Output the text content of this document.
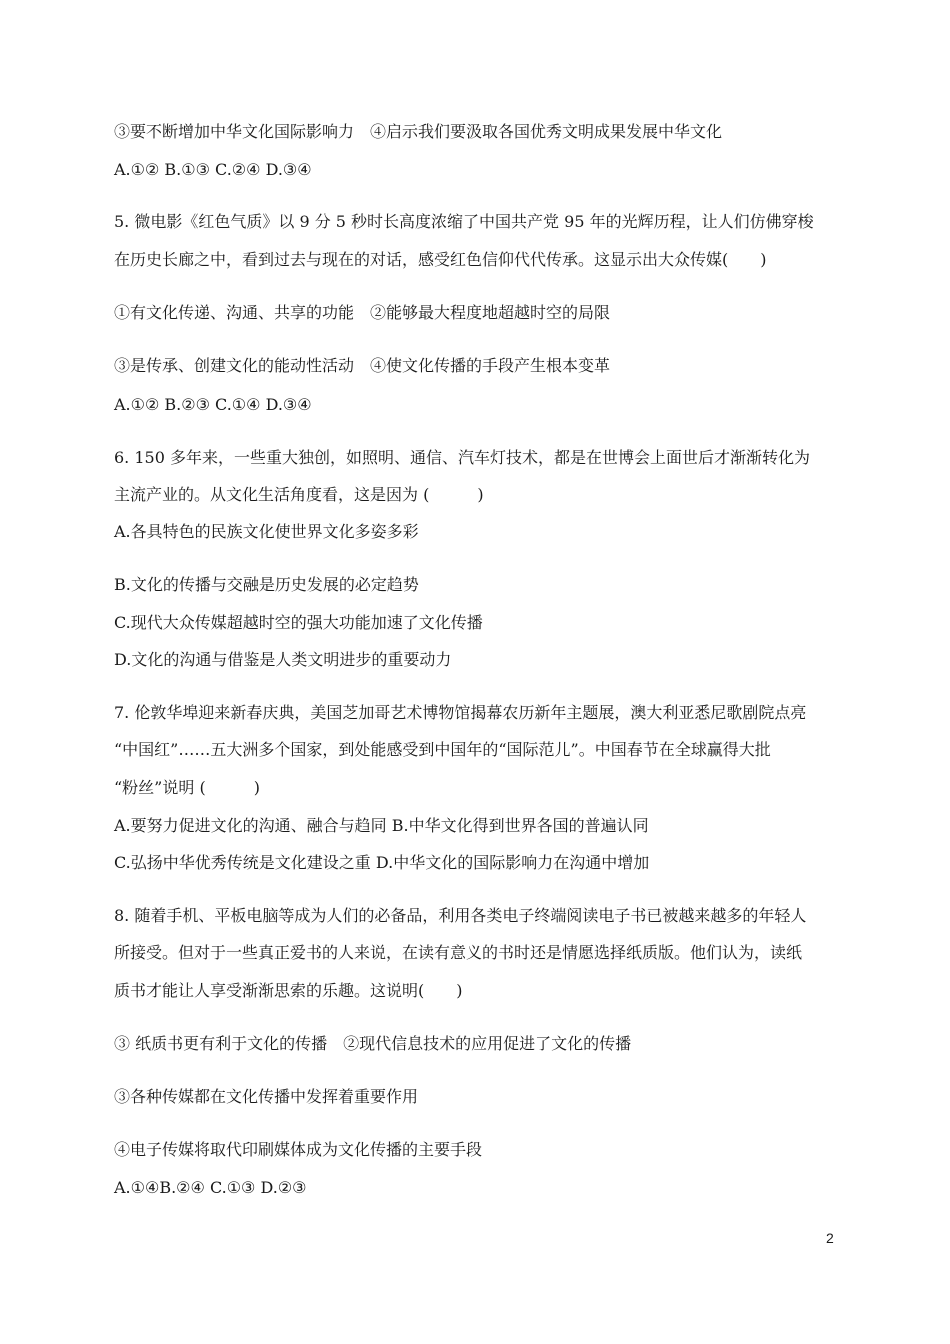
③要不断增加中华文化国际影响力　④启示我们要汲取各国优秀文明成果发展中华文化
A.①② B.①③ C.②④ D.③④
5. 微电影《红色气质》以 9 分 5 秒时长高度浓缩了中国共产党 95 年的光辉历程，让人们仿佛穿梭
在历史长廊之中，看到过去与现在的对话，感受红色信仰代代传承。这显示出大众传媒(　　)
①有文化传递、沟通、共享的功能　②能够最大程度地超越时空的局限
③是传承、创建文化的能动性活动　④使文化传播的手段产生根本变革
A.①② B.②③ C.①④ D.③④
6. 150 多年来，一些重大独创，如照明、通信、汽车灯技术，都是在世博会上面世后才渐渐转化为
主流产业的。从文化生活角度看，这是因为 (　　　)
A.各具特色的民族文化使世界文化多姿多彩
B.文化的传播与交融是历史发展的必定趋势
C.现代大众传媒超越时空的强大功能加速了文化传播
D.文化的沟通与借鉴是人类文明进步的重要动力
7. 伦敦华埠迎来新春庆典，美国芝加哥艺术博物馆揭幕农历新年主题展，澳大利亚悉尼歌剧院点亮
“中国红”……五大洲多个国家，到处能感受到中国年的“国际范儿”。中国春节在全球赢得大批
“粉丝”说明 (　　　)
A.要努力促进文化的沟通、融合与趋同 B.中华文化得到世界各国的普遍认同
C.弘扬中华优秀传统是文化建设之重 D.中华文化的国际影响力在沟通中增加
8. 随着手机、平板电脑等成为人们的必备品，利用各类电子终端阅读电子书已被越来越多的年轻人
所接受。但对于一些真正爱书的人来说，在读有意义的书时还是情愿选择纸质版。他们认为，读纸
质书才能让人享受渐渐思索的乐趣。这说明(　　)
③ 纸质书更有利于文化的传播　②现代信息技术的应用促进了文化的传播
③各种传媒都在文化传播中发挥着重要作用
④电子传媒将取代印刷媒体成为文化传播的主要手段
A.①④B.②④ C.①③ D.②③
2
